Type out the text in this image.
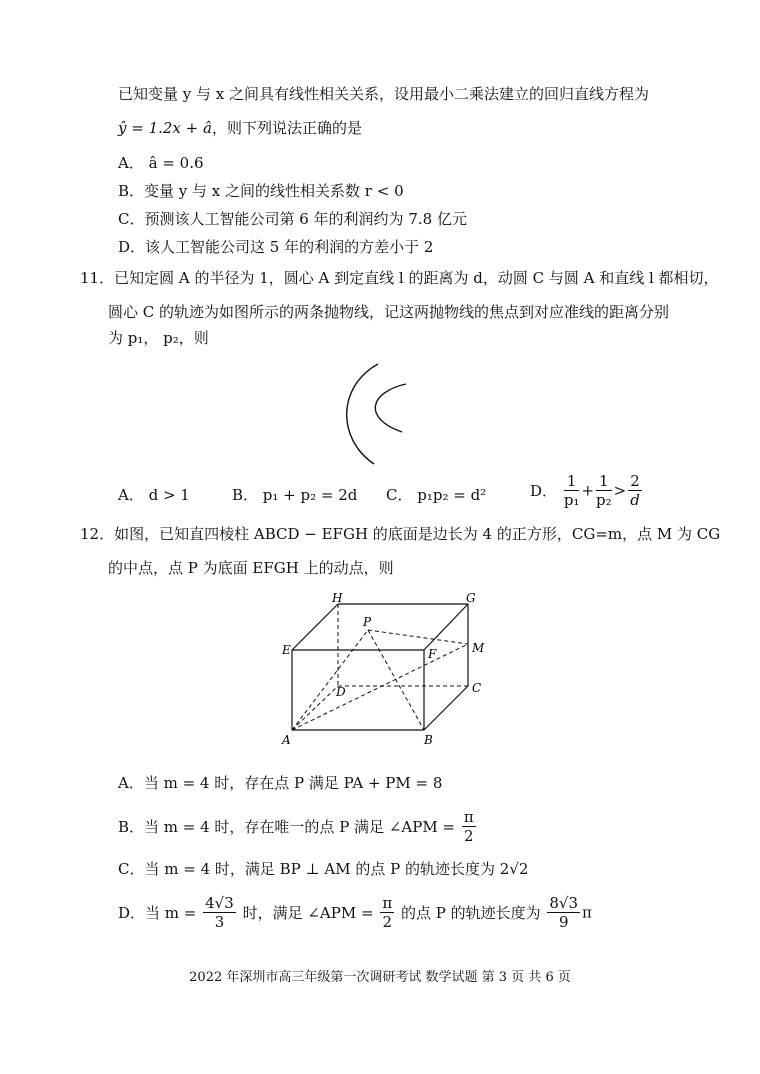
已知变量 y 与 x 之间具有线性相关关系，设用最小二乘法建立的回归直线方程为
ŷ = 1.2x + â，则下列说法正确的是
A． â = 0.6
B．变量 y 与 x 之间的线性相关系数 r < 0
C．预测该人工智能公司第 6 年的利润约为 7.8 亿元
D．该人工智能公司这 5 年的利润的方差小于 2
11．已知定圆 A 的半径为 1，圆心 A 到定直线 l 的距离为 d，动圆 C 与圆 A 和直线 l 都相切，
圆心 C 的轨迹为如图所示的两条抛物线，记这两抛物线的焦点到对应准线的距离分别
为 p₁， p₂，则
A． d > 1	B． p₁ + p₂ = 2d C． p₁p₂ = d²	D． $\frac{1}{\text{p₁}} + \frac{1}{\text{p₂}} > \frac{2}{d}$
12．如图，已知直四棱柱 ABCD − EFGH 的底面是边长为 4 的正方形，CG=m，点 M 为 CG
的中点，点 P 为底面 EFGH 上的动点，则
H	G
P
E	F	M
D	C
A	B
A．当 m = 4 时，存在点 P 满足 PA + PM = 8
B．当 m = 4 时，存在唯一的点 P 满足 ∠APM = $\frac{\pi}{2}$
C．当 m = 4 时，满足 BP ⊥ AM 的点 P 的轨迹长度为 2√2
D．当 $m = \frac{4√3}{3}$ 时，满足 ∠APM = $\frac{\pi}{2}$ 的点 P 的轨迹长度为 $\frac{8√3}{9}$ π
2022 年深圳市高三年级第一次调研考试 数学试题 第 3 页 共 6 页
